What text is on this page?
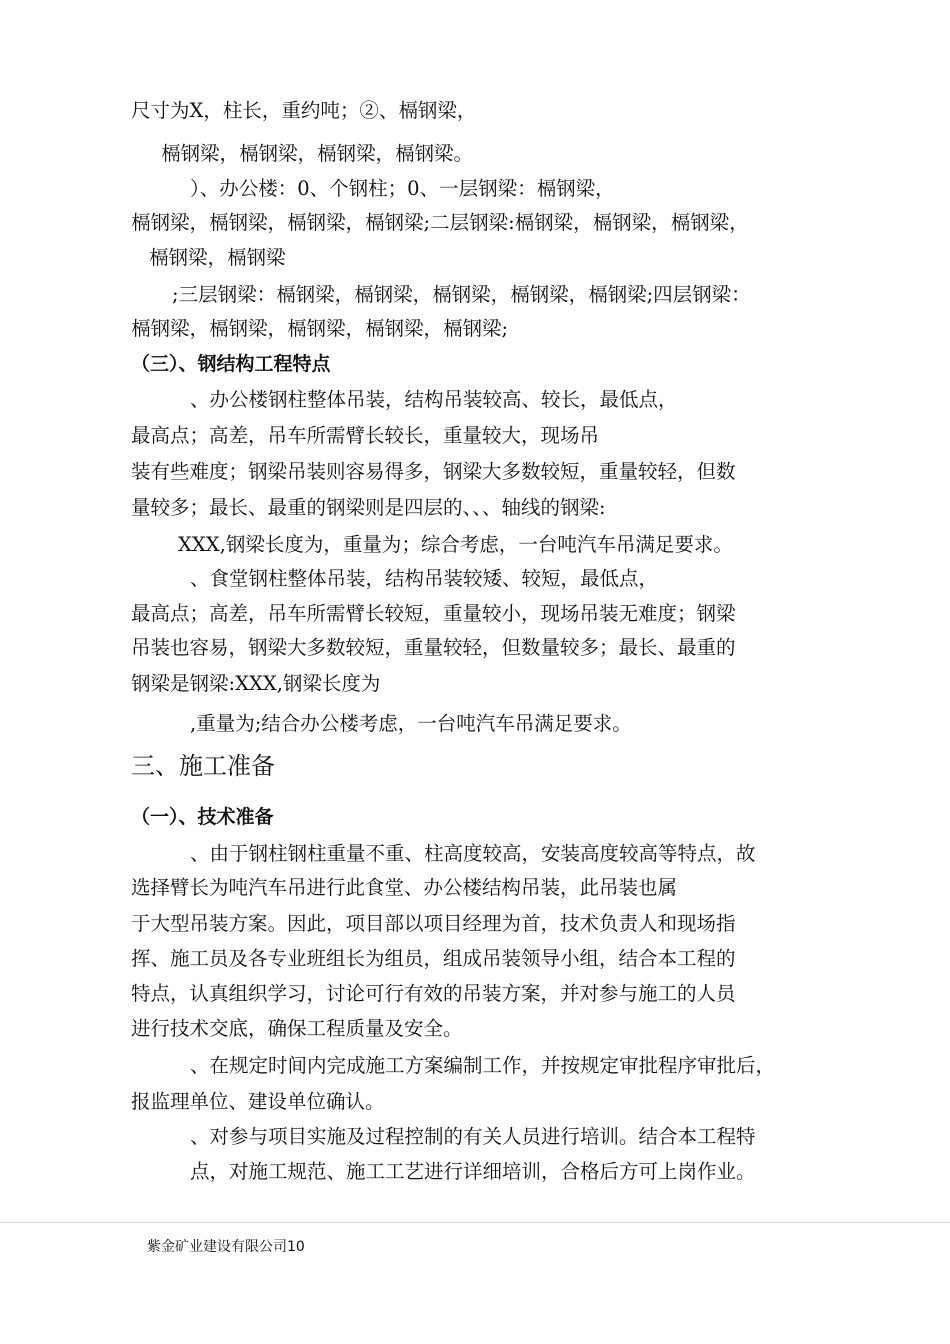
尺寸为X，柱长，重约吨；②、槅钢梁，

槅钢梁，槅钢梁，槅钢梁，槅钢梁。

）、办公楼：0、个钢柱；0、一层钢梁：槅钢梁，

槅钢梁，槅钢梁，槅钢梁，槅钢梁;二层钢梁:槅钢梁，槅钢梁，槅钢梁，

槅钢梁，槅钢梁

;三层钢梁：槅钢梁，槅钢梁，槅钢梁，槅钢梁，槅钢梁;四层钢梁：

槅钢梁，槅钢梁，槅钢梁，槅钢梁，槅钢梁;

（三）、钢结构工程特点

、办公楼钢柱整体吊装，结构吊装较高、较长，最低点，

最高点；高差，吊车所需臂长较长，重量较大，现场吊

装有些难度；钢梁吊装则容易得多，钢梁大多数较短，重量较轻，但数

量较多；最长、最重的钢梁则是四层的、、、轴线的钢梁:

XXX,钢梁长度为，重量为；综合考虑，一台吨汽车吊满足要求。

、食堂钢柱整体吊装，结构吊装较矮、较短，最低点，

最高点；高差，吊车所需臂长较短，重量较小，现场吊装无难度；钢梁

吊装也容易，钢梁大多数较短，重量较轻，但数量较多；最长、最重的

钢梁是钢梁:XXX,钢梁长度为

,重量为;结合办公楼考虑，一台吨汽车吊满足要求。

三、施工准备

（一）、技术准备

、由于钢柱钢柱重量不重、柱高度较高，安装高度较高等特点，故

选择臂长为吨汽车吊进行此食堂、办公楼结构吊装，此吊装也属

于大型吊装方案。因此，项目部以项目经理为首，技术负责人和现场指

挥、施工员及各专业班组长为组员，组成吊装领导小组，结合本工程的

特点，认真组织学习，讨论可行有效的吊装方案，并对参与施工的人员

进行技术交底，确保工程质量及安全。

、在规定时间内完成施工方案编制工作，并按规定审批程序审批后，

报监理单位、建设单位确认。

、对参与项目实施及过程控制的有关人员进行培训。结合本工程特

点，对施工规范、施工工艺进行详细培训，合格后方可上岗作业。

紫金矿业建设有限公司10
